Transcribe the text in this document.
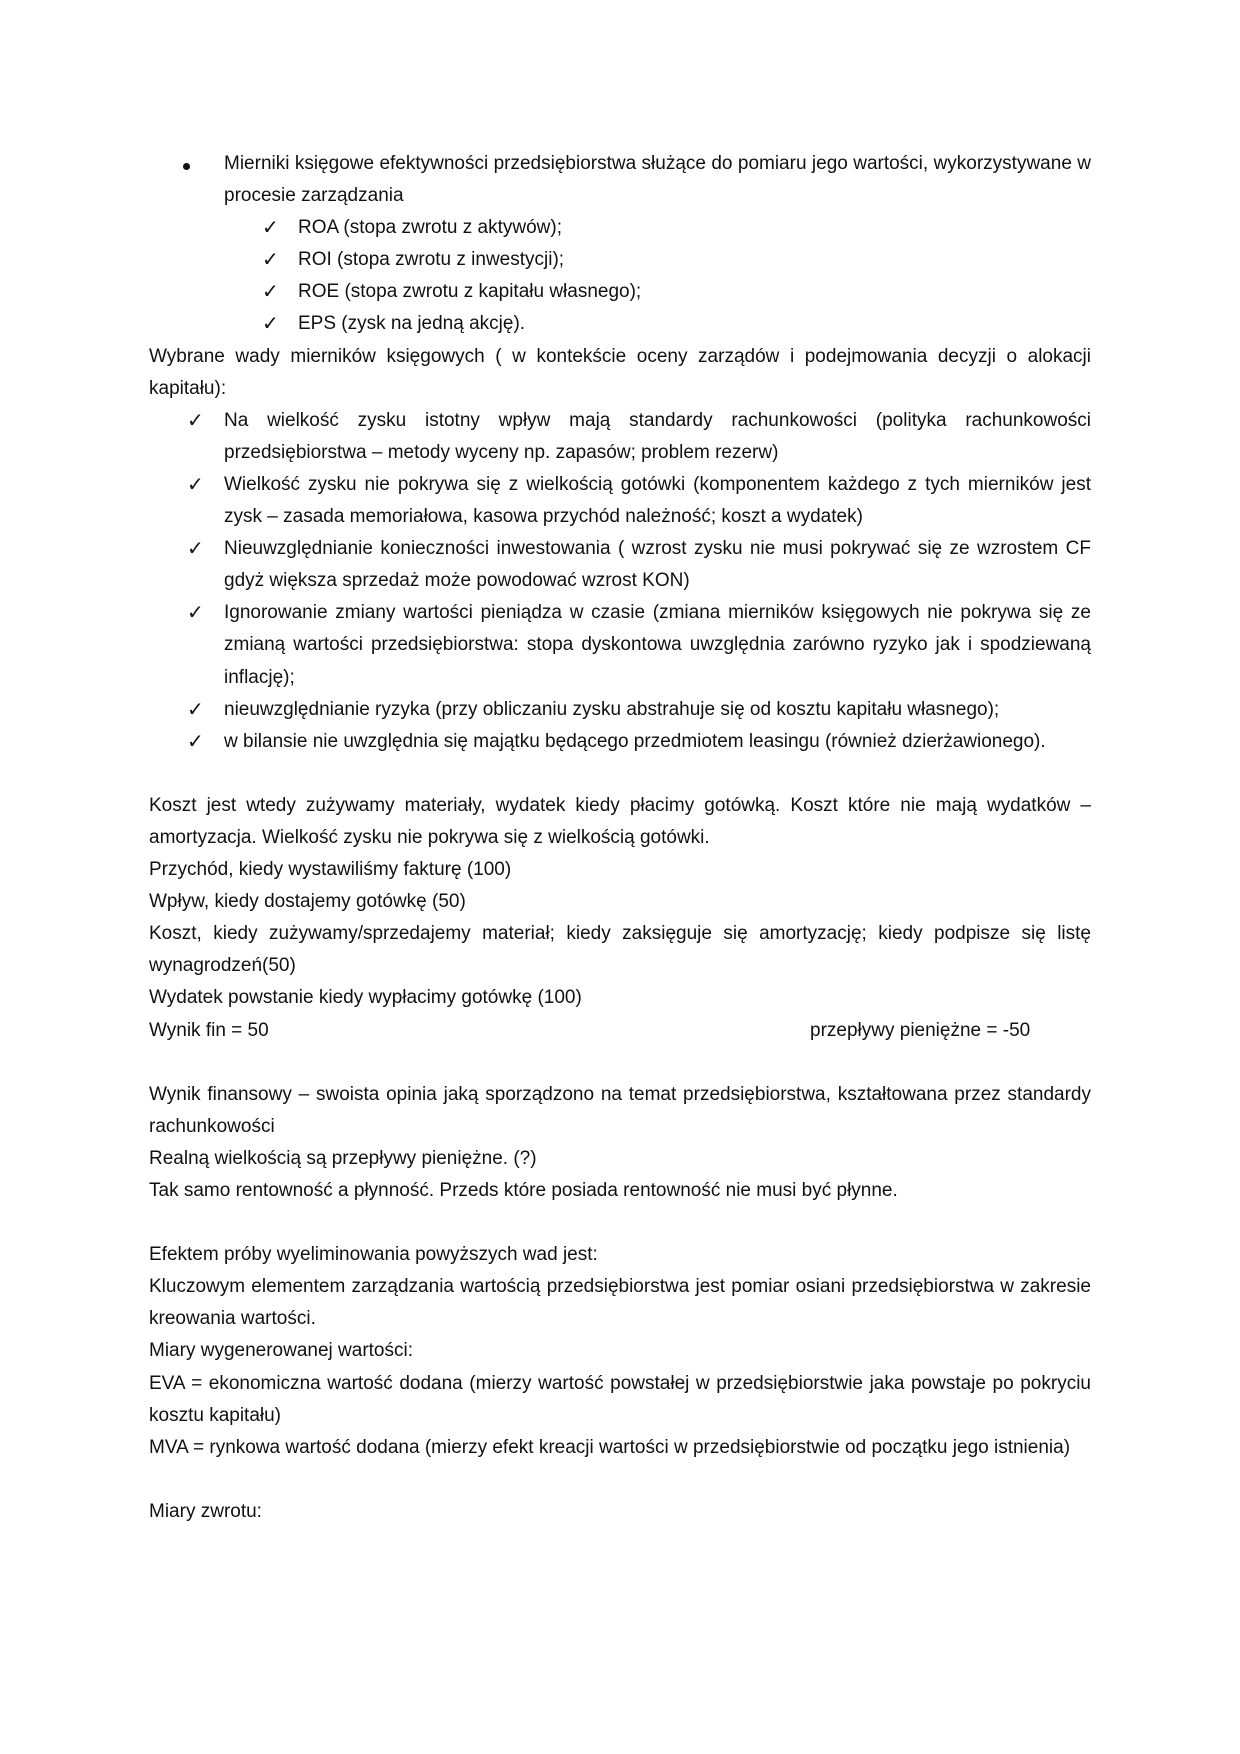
Mierniki księgowe efektywności przedsiębiorstwa służące do pomiaru jego wartości, wykorzystywane w procesie zarządzania
✓ ROA (stopa zwrotu z aktywów);
✓ ROI (stopa zwrotu z inwestycji);
✓ ROE (stopa zwrotu z kapitału własnego);
✓ EPS (zysk na jedną akcję).

Wybrane wady mierników księgowych ( w kontekście oceny zarządów i podejmowania decyzji o alokacji kapitału):

✓ Na wielkość zysku istotny wpływ mają standardy rachunkowości (polityka rachunkowości przedsiębiorstwa – metody wyceny np. zapasów; problem rezerw)
✓ Wielkość zysku nie pokrywa się z wielkością gotówki (komponentem każdego z tych mierników jest zysk – zasada memoriałowa, kasowa przychód należność; koszt a wydatek)
✓ Nieuwzględnianie konieczności inwestowania ( wzrost zysku nie musi pokrywać się ze wzrostem CF gdyż większa sprzedaż może powodować wzrost KON)
✓ Ignorowanie zmiany wartości pieniądza w czasie (zmiana mierników księgowych nie pokrywa się ze zmianą wartości przedsiębiorstwa: stopa dyskontowa uwzględnia zarówno ryzyko jak i spodziewaną inflację);
✓ nieuwzględnianie ryzyka (przy obliczaniu zysku abstrahuje się od kosztu kapitału własnego);
✓ w bilansie nie uwzględnia się majątku będącego przedmiotem leasingu (również dzierżawionego).

Koszt jest wtedy zużywamy materiały, wydatek kiedy płacimy gotówką. Koszt które nie mają wydatków – amortyzacja. Wielkość zysku nie pokrywa się z wielkością gotówki.

Przychód, kiedy wystawiliśmy fakturę (100)

Wpływ, kiedy dostajemy gotówkę (50)

Koszt, kiedy zużywamy/sprzedajemy materiał; kiedy zaksięguje się amortyzację; kiedy podpisze się listę wynagrodzeń(50)

Wydatek powstanie kiedy wypłacimy gotówkę (100)

Wynik fin = 50	przepływy pieniężne = -50

Wynik finansowy – swoista opinia jaką sporządzono na temat przedsiębiorstwa, kształtowana przez standardy rachunkowości

Realną wielkością są przepływy pieniężne. (?)

Tak samo rentowność a płynność. Przeds które posiada rentowność nie musi być płynne.

Efektem próby wyeliminowania powyższych wad jest:

Kluczowym elementem zarządzania wartością przedsiębiorstwa jest pomiar osiani przedsiębiorstwa w zakresie kreowania wartości.

Miary wygenerowanej wartości:

EVA = ekonomiczna wartość dodana (mierzy wartość powstałej w przedsiębiorstwie jaka powstaje po pokryciu kosztu kapitału)

MVA = rynkowa wartość dodana (mierzy efekt kreacji wartości w przedsiębiorstwie od początku jego istnienia)

Miary zwrotu:
